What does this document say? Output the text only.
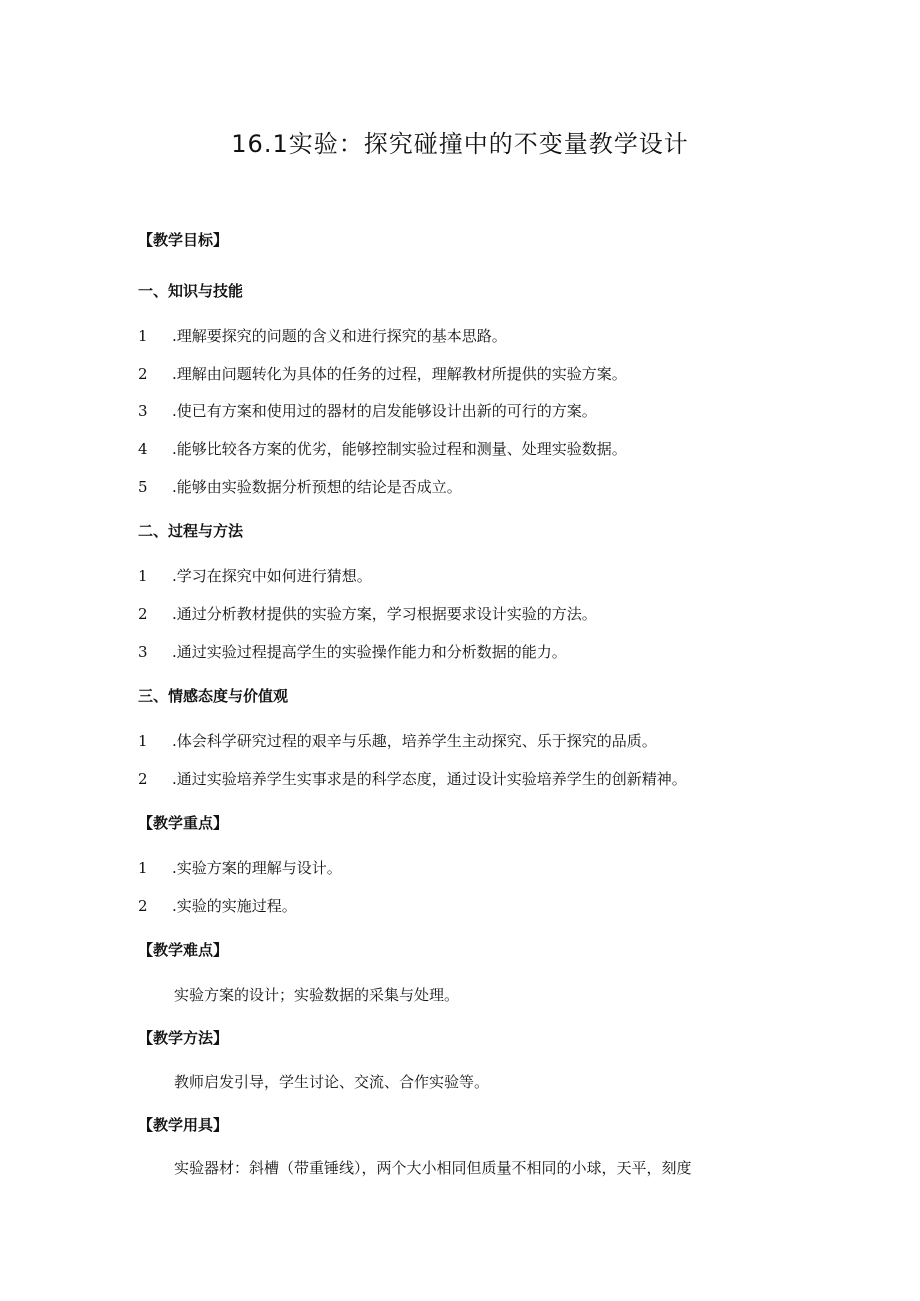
16.1实验：探究碰撞中的不变量教学设计
【教学目标】
一、知识与技能
1 .理解要探究的问题的含义和进行探究的基本思路。
2 .理解由问题转化为具体的任务的过程，理解教材所提供的实验方案。
3 .使已有方案和使用过的器材的启发能够设计出新的可行的方案。
4 .能够比较各方案的优劣，能够控制实验过程和测量、处理实验数据。
5 .能够由实验数据分析预想的结论是否成立。
二、过程与方法
1 .学习在探究中如何进行猜想。
2 .通过分析教材提供的实验方案，学习根据要求设计实验的方法。
3 .通过实验过程提高学生的实验操作能力和分析数据的能力。
三、情感态度与价值观
1 .体会科学研究过程的艰辛与乐趣，培养学生主动探究、乐于探究的品质。
2 .通过实验培养学生实事求是的科学态度，通过设计实验培养学生的创新精神。
【教学重点】
1 .实验方案的理解与设计。
2 .实验的实施过程。
【教学难点】
实验方案的设计；实验数据的采集与处理。
【教学方法】
教师启发引导，学生讨论、交流、合作实验等。
【教学用具】
实验器材：斜槽（带重锤线），两个大小相同但质量不相同的小球，天平，刻度
